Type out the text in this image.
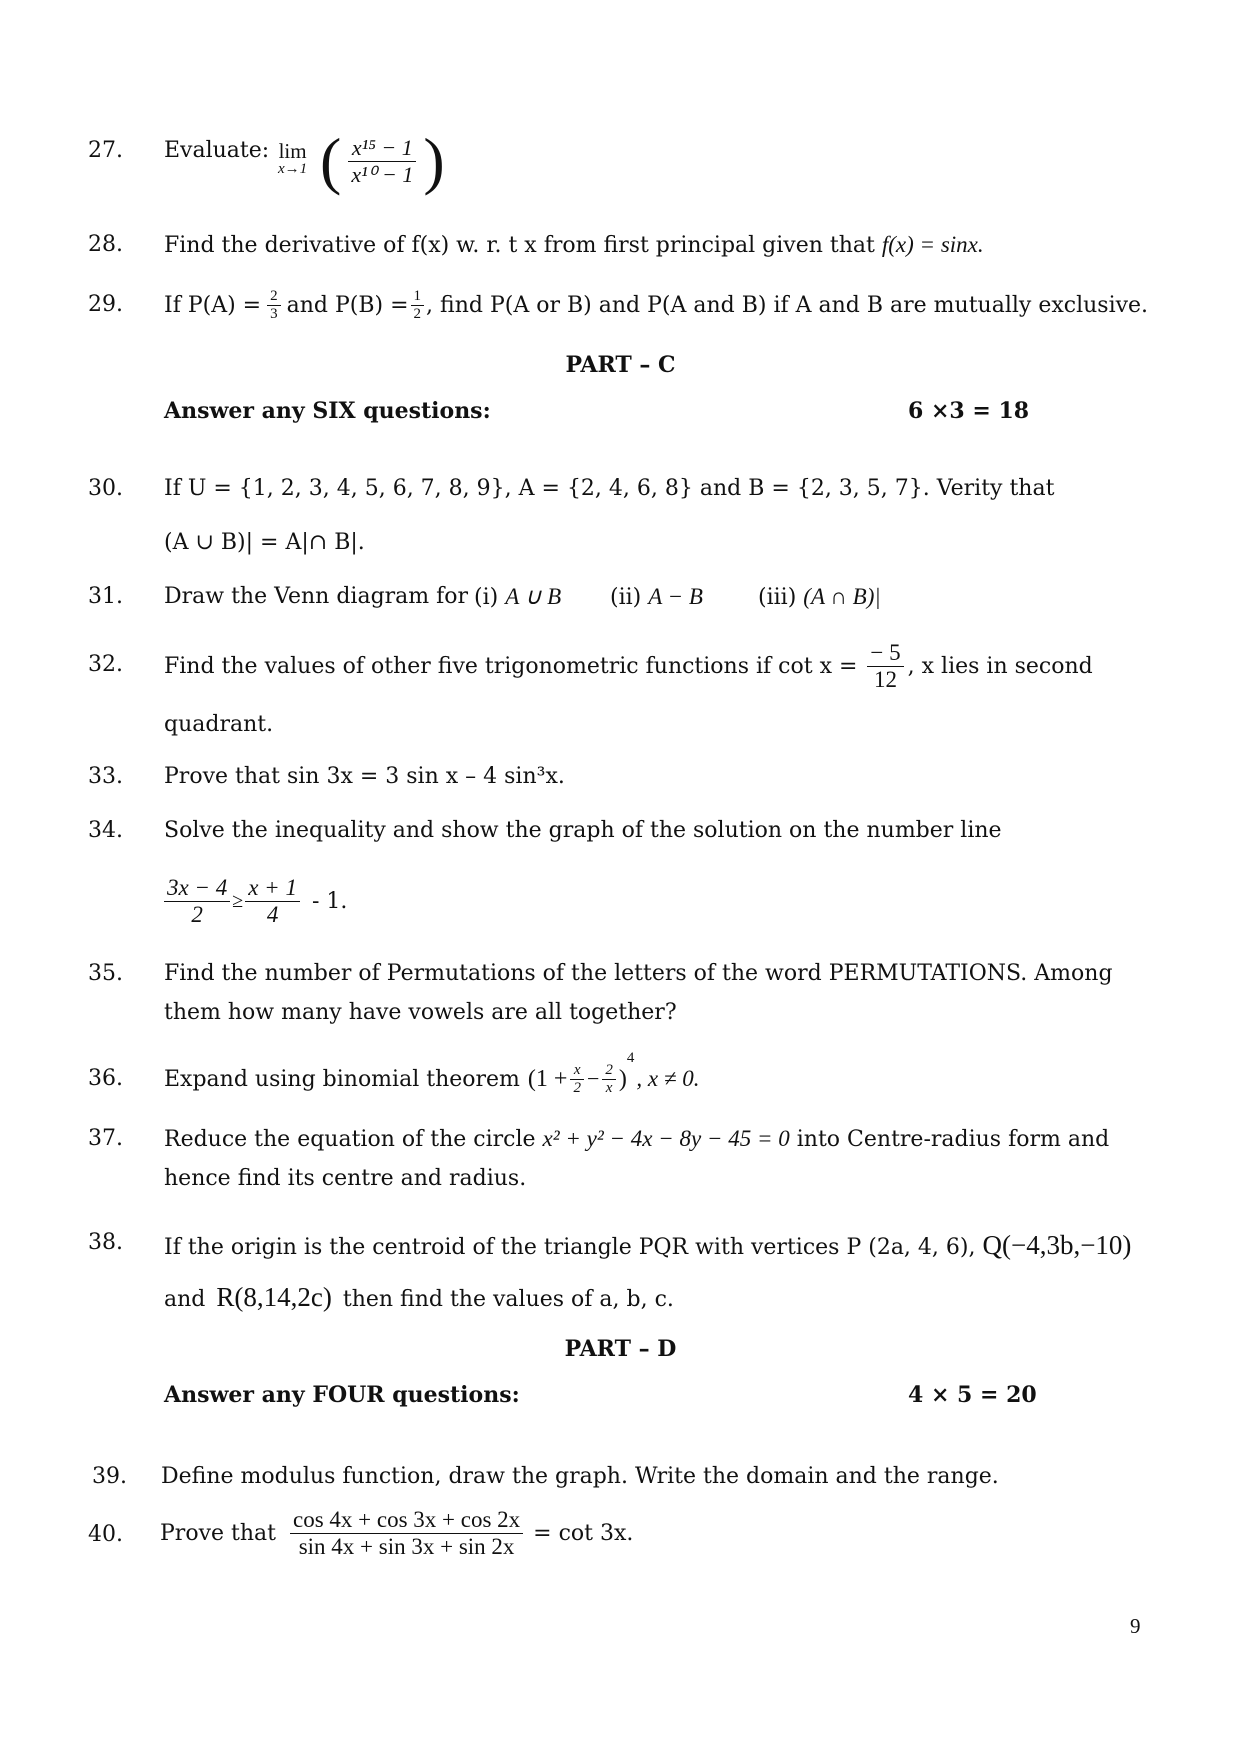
27. Evaluate: lim
x→1 ( $\frac{\text{x¹⁵ − 1}}{\text{x¹⁰ − 1}}$ )
28. Find the derivative of f(x) w. r. t x from first principal given that f(x) = sinx.
29. If $P(A) = \frac{2}{3}$ and $P(B) = \frac{1}{2}$ , find P(A or B) and P(A and B) if A and B are mutually exclusive.
PART – C
Answer any SIX questions:	6 ×3 = 18
30. If U = {1, 2, 3, 4, 5, 6, 7, 8, 9}, A = {2, 4, 6, 8} and B = {2, 3, 5, 7}. Verity that
(A ∪ B)| = A|∩ B|.
31. Draw the Venn diagram for (i) A ∪ B (ii) A − B	(iii) (A ∩ B)|
32. Find the values of other five trigonometric functions if $\cot x = \frac{- 5}{12}$ , x lies in second
quadrant.
33. Prove that sin 3x = 3 sin x – 4 sin³x.
34. Solve the inequality and show the graph of the solution on the number line
$\frac{3x - 4}{2} \ge \frac{x + 1}{4} - 1$.
35. Find the number of Permutations of the letters of the word PERMUTATIONS. Among
them how many have vowels are all together?
36. Expand using binomial theorem ($1 + \frac{x}{2} - \frac{2}{x}$ )
4
, x ≠ 0.
37. Reduce the equation of the circle x² + y² − 4x − 8y − 45 = 0 into Centre-radius form and
hence find its centre and radius.
38. If the origin is the centroid of the triangle PQR with vertices P (2a, 4, 6), Q(−4,3b,−10)
and R(8,14,2c) then find the values of a, b, c.
PART – D
Answer any FOUR questions:	4 × 5 = 20
39. Define modulus function, draw the graph. Write the domain and the range.
40. Prove that $\frac{\cos 4x + \cos 3x + \cos 2x}{\sin 4x + \sin 3x + \sin 2x} = \cot 3x$.
9
